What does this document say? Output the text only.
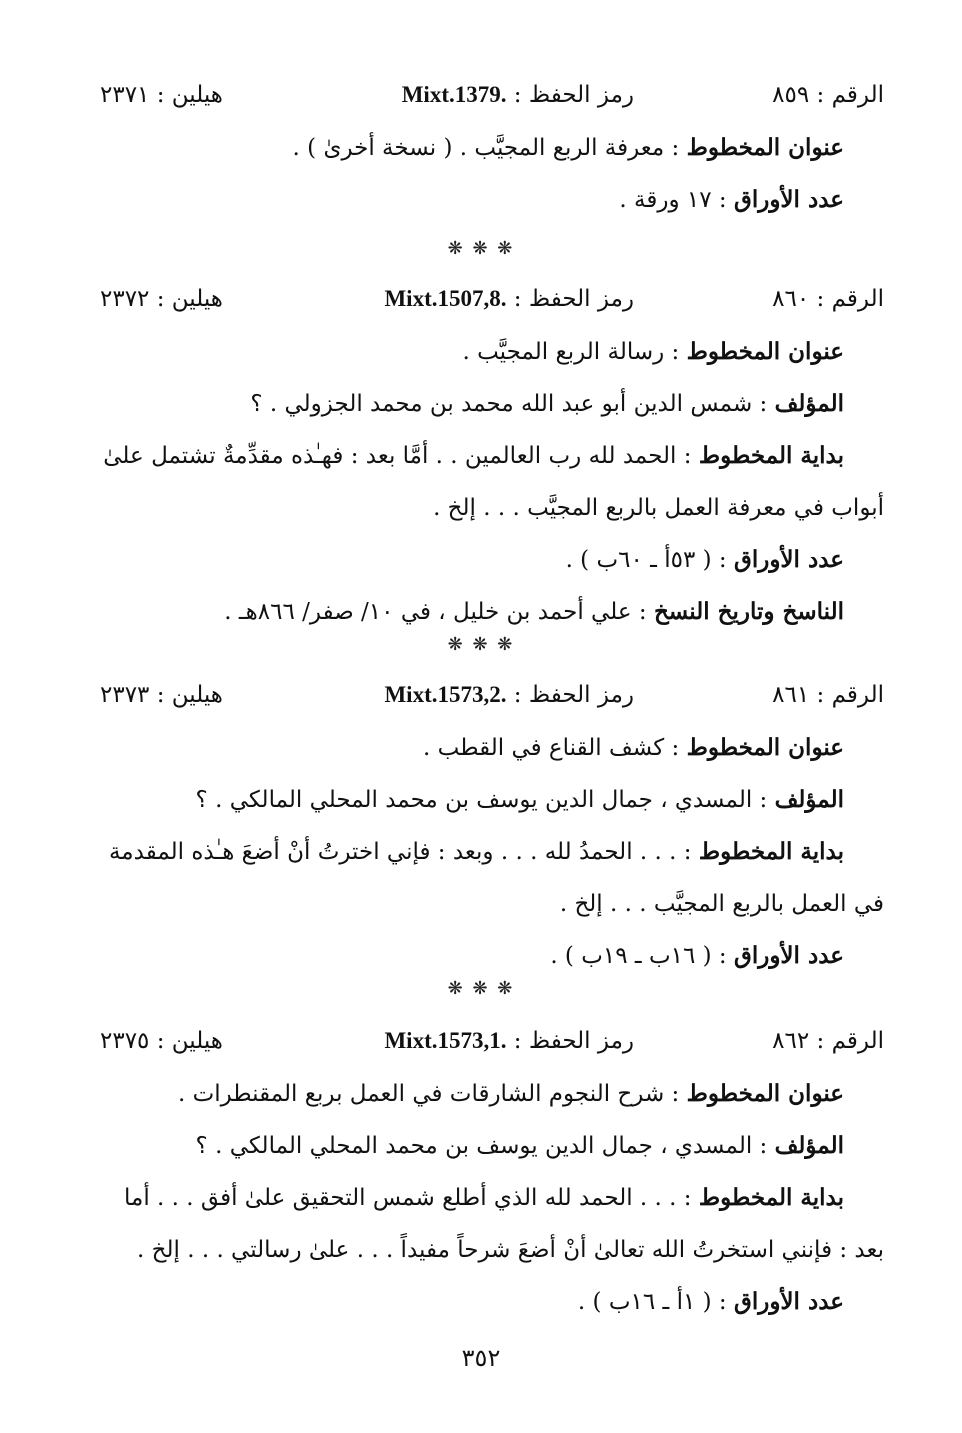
الرقم : ٨٥٩
رمز الحفظ : Mixt.1379.
هيلين : ٢٣٧١
عنوان المخطوط : معرفة الربع المجيَّب . ( نسخة أخرىٰ ) .
عدد الأوراق : ١٧ ورقة .
❋ ❋ ❋
الرقم : ٨٦٠
رمز الحفظ : Mixt.1507,8.
هيلين : ٢٣٧٢
عنوان المخطوط : رسالة الربع المجيَّب .
المؤلف : شمس الدين أبو عبد الله محمد بن محمد الجزولي . ؟
بداية المخطوط : الحمد لله رب العالمين . . أمَّا بعد : فهـٰذه مقدِّمةٌ تشتمل علىٰ
أبواب في معرفة العمل بالربع المجيَّب . . . إلخ .
عدد الأوراق : ( ٥٣أ ـ ٦٠ب ) .
الناسخ وتاريخ النسخ : علي أحمد بن خليل ، في ١٠/ صفر/ ٨٦٦هـ .
❋ ❋ ❋
الرقم : ٨٦١
رمز الحفظ : Mixt.1573,2.
هيلين : ٢٣٧٣
عنوان المخطوط : كشف القناع في القطب .
المؤلف : المسدي ، جمال الدين يوسف بن محمد المحلي المالكي . ؟
بداية المخطوط : . . . الحمدُ لله . . . وبعد : فإني اخترتُ أنْ أضعَ هـٰذه المقدمة
في العمل بالربع المجيَّب . . . إلخ .
عدد الأوراق : ( ١٦ب ـ ١٩ب ) .
❋ ❋ ❋
الرقم : ٨٦٢
رمز الحفظ : Mixt.1573,1.
هيلين : ٢٣٧٥
عنوان المخطوط : شرح النجوم الشارقات في العمل بربع المقنطرات .
المؤلف : المسدي ، جمال الدين يوسف بن محمد المحلي المالكي . ؟
بداية المخطوط : . . . الحمد لله الذي أطلع شمس التحقيق علىٰ أفق . . . أما
بعد : فإنني استخرتُ الله تعالىٰ أنْ أضعَ شرحاً مفيداً . . . علىٰ رسالتي . . . إلخ .
عدد الأوراق : ( ١أ ـ ١٦ب ) .
٣٥٢
